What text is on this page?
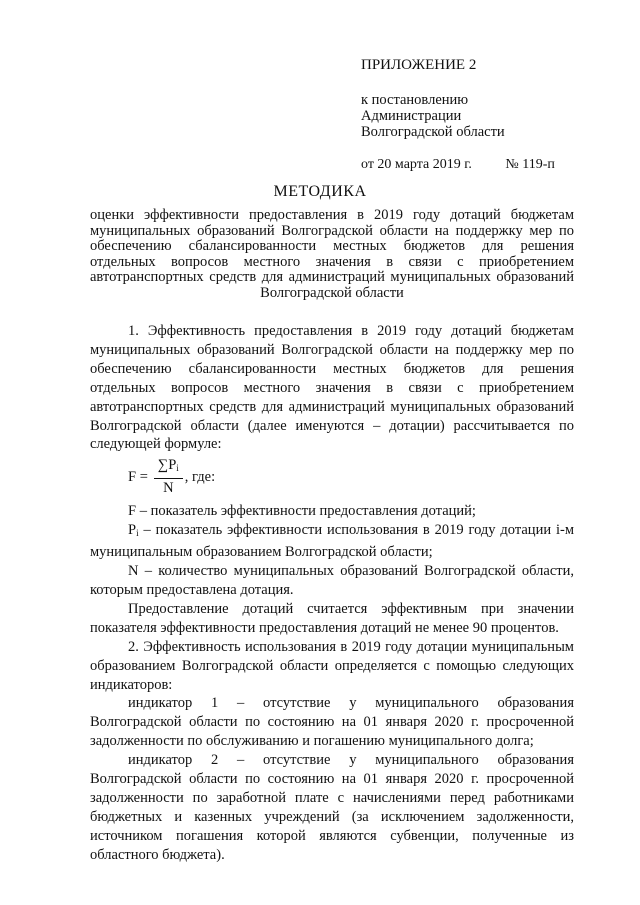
ПРИЛОЖЕНИЕ 2
к постановлению
Администрации
Волгоградской области
от 20 марта 2019 г. № 119-п
МЕТОДИКА
оценки эффективности предоставления в 2019 году дотаций бюджетам муниципальных образований Волгоградской области на поддержку мер по обеспечению сбалансированности местных бюджетов для решения отдельных вопросов местного значения в связи с приобретением автотранспортных средств для администраций муниципальных образований Волгоградской области

1. Эффективность предоставления в 2019 году дотаций бюджетам муниципальных образований Волгоградской области на поддержку мер по обеспечению сбалансированности местных бюджетов для решения отдельных вопросов местного значения в связи с приобретением автотранспортных средств для администраций муниципальных образований Волгоградской области (далее именуются – дотации) рассчитывается по следующей формуле:

$F = \frac{\sum P_i}{N}$ , где:

F – показатель эффективности предоставления дотаций;

$P_i$ – показатель эффективности использования в 2019 году дотации i-м муниципальным образованием Волгоградской области;

N – количество муниципальных образований Волгоградской области, которым предоставлена дотация.

Предоставление дотаций считается эффективным при значении показателя эффективности предоставления дотаций не менее 90 процентов.

2. Эффективность использования в 2019 году дотации муниципальным образованием Волгоградской области определяется с помощью следующих индикаторов:

индикатор 1 – отсутствие у муниципального образования Волгоградской области по состоянию на 01 января 2020 г. просроченной задолженности по обслуживанию и погашению муниципального долга;

индикатор 2 – отсутствие у муниципального образования Волгоградской области по состоянию на 01 января 2020 г. просроченной задолженности по заработной плате с начислениями перед работниками бюджетных и казенных учреждений (за исключением задолженности, источником погашения которой являются субвенции, полученные из областного бюджета).
